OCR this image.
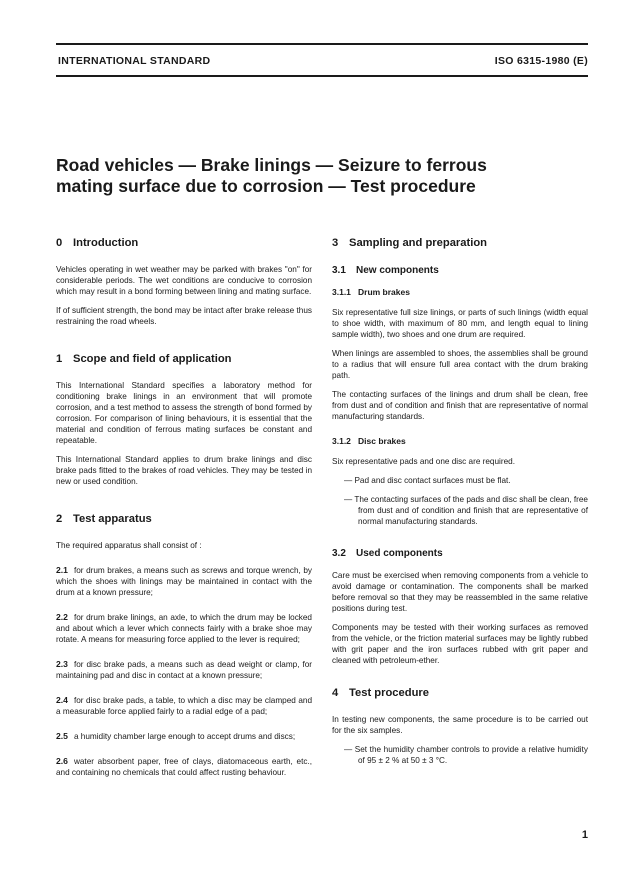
INTERNATIONAL STANDARD	ISO 6315-1980 (E)
Road vehicles — Brake linings — Seizure to ferrous
mating surface due to corrosion — Test procedure
0 Introduction

Vehicles operating in wet weather may be parked with brakes "on" for considerable periods. The wet conditions are conducive to corrosion which may result in a bond forming between lining and mating surface.

If of sufficient strength, the bond may be intact after brake release thus restraining the road wheels.

1 Scope and field of application

This International Standard specifies a laboratory method for conditioning brake linings in an environment that will promote corrosion, and a test method to assess the strength of bond formed by corrosion. For comparison of lining behaviours, it is essential that the material and condition of ferrous mating surfaces be constant and repeatable.

This International Standard applies to drum brake linings and disc brake pads fitted to the brakes of road vehicles. They may be tested in new or used condition.

2 Test apparatus

The required apparatus shall consist of :

2.1 for drum brakes, a means such as screws and torque wrench, by which the shoes with linings may be maintained in contact with the drum at a known pressure;

2.2 for drum brake linings, an axle, to which the drum may be locked and about which a lever which connects fairly with a brake shoe may rotate. A means for measuring force applied to the lever is required;

2.3 for disc brake pads, a means such as dead weight or clamp, for maintaining pad and disc in contact at a known pressure;

2.4 for disc brake pads, a table, to which a disc may be clamped and a measurable force applied fairly to a radial edge of a pad;

2.5 a humidity chamber large enough to accept drums and discs;

2.6 water absorbent paper, free of clays, diatomaceous earth, etc., and containing no chemicals that could affect rusting behaviour.

3 Sampling and preparation
3.1 New components
3.1.1 Drum brakes

Six representative full size linings, or parts of such linings (width equal to shoe width, with maximum of 80 mm, and length equal to lining sample width), two shoes and one drum are required.

When linings are assembled to shoes, the assemblies shall be ground to a radius that will ensure full area contact with the drum braking path.

The contacting surfaces of the linings and drum shall be clean, free from dust and of condition and finish that are representative of normal manufacturing standards.

3.1.2 Disc brakes

Six representative pads and one disc are required.

— Pad and disc contact surfaces must be flat.

— The contacting surfaces of the pads and disc shall be clean, free from dust and of condition and finish that are representative of normal manufacturing standards.

3.2 Used components

Care must be exercised when removing components from a vehicle to avoid damage or contamination. The components shall be marked before removal so that they may be reassembled in the same relative positions during test.

Components may be tested with their working surfaces as removed from the vehicle, or the friction material surfaces may be lightly rubbed with grit paper and the iron surfaces rubbed with grit paper and cleaned with petroleum-ether.

4 Test procedure

In testing new components, the same procedure is to be carried out for the six samples.

— Set the humidity chamber controls to provide a relative humidity of 95 ± 2 % at 50 ± 3 °C.

1
